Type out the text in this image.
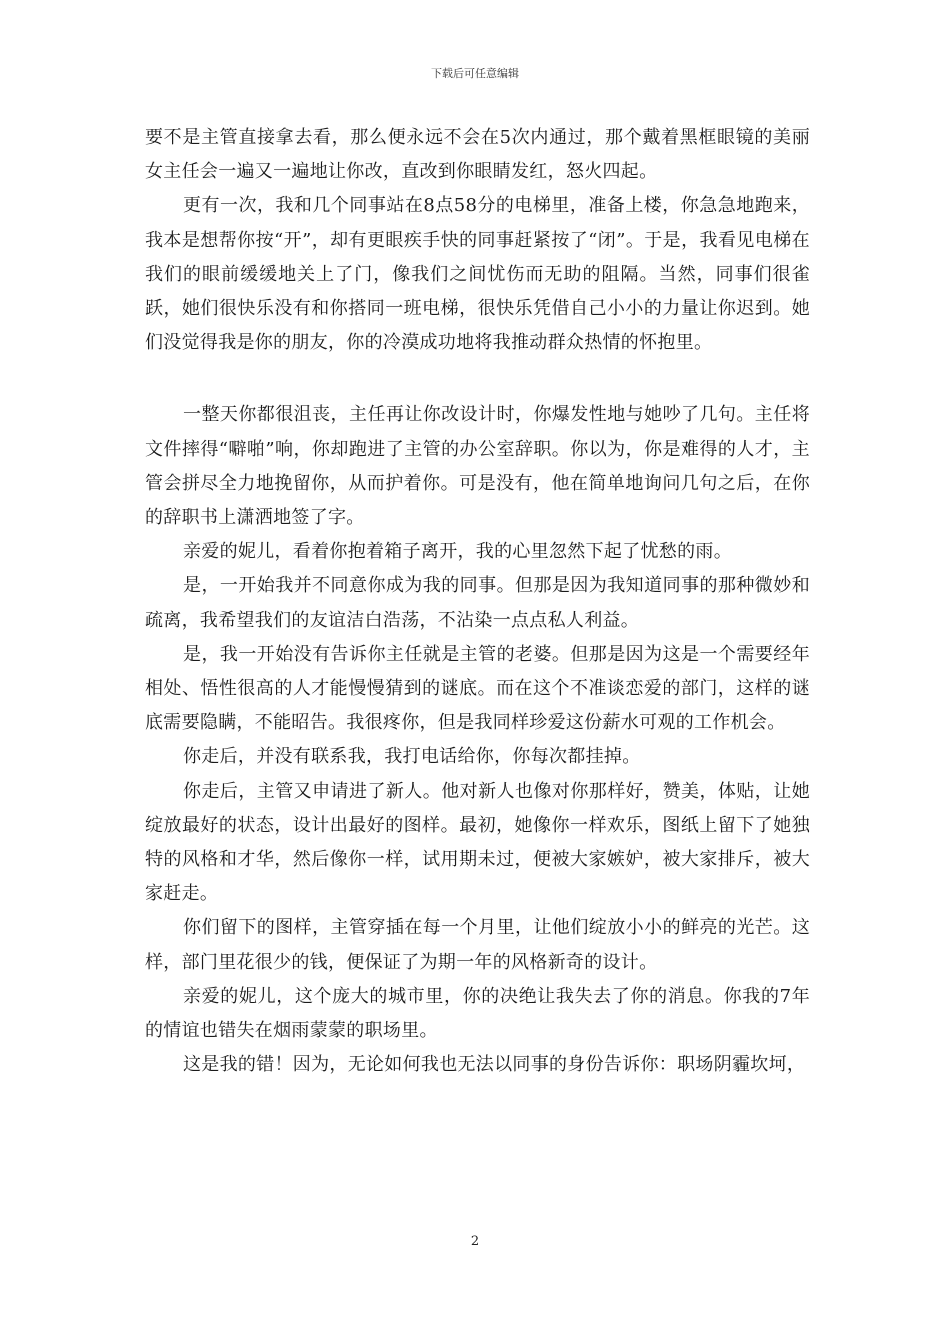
下载后可任意编辑

要不是主管直接拿去看，那么便永远不会在5次内通过，那个戴着黑框眼镜的美丽女主任会一遍又一遍地让你改，直改到你眼睛发红，怒火四起。

更有一次，我和几个同事站在8点58分的电梯里，准备上楼，你急急地跑来，我本是想帮你按“开”，却有更眼疾手快的同事赶紧按了“闭”。于是，我看见电梯在我们的眼前缓缓地关上了门，像我们之间忧伤而无助的阻隔。当然，同事们很雀跃，她们很快乐没有和你搭同一班电梯，很快乐凭借自己小小的力量让你迟到。她们没觉得我是你的朋友，你的冷漠成功地将我推动群众热情的怀抱里。

一整天你都很沮丧，主任再让你改设计时，你爆发性地与她吵了几句。主任将文件摔得“噼啪”响，你却跑进了主管的办公室辞职。你以为，你是难得的人才，主管会拼尽全力地挽留你，从而护着你。可是没有，他在简单地询问几句之后，在你的辞职书上潇洒地签了字。

亲爱的妮儿，看着你抱着箱子离开，我的心里忽然下起了忧愁的雨。

是，一开始我并不同意你成为我的同事。但那是因为我知道同事的那种微妙和疏离，我希望我们的友谊洁白浩荡，不沾染一点点私人利益。

是，我一开始没有告诉你主任就是主管的老婆。但那是因为这是一个需要经年相处、悟性很高的人才能慢慢猜到的谜底。而在这个不准谈恋爱的部门，这样的谜底需要隐瞒，不能昭告。我很疼你，但是我同样珍爱这份薪水可观的工作机会。

你走后，并没有联系我，我打电话给你，你每次都挂掉。

你走后，主管又申请进了新人。他对新人也像对你那样好，赞美，体贴，让她绽放最好的状态，设计出最好的图样。最初，她像你一样欢乐，图纸上留下了她独特的风格和才华，然后像你一样，试用期未过，便被大家嫉妒，被大家排斥，被大家赶走。

你们留下的图样，主管穿插在每一个月里，让他们绽放小小的鲜亮的光芒。这样，部门里花很少的钱，便保证了为期一年的风格新奇的设计。

亲爱的妮儿，这个庞大的城市里，你的决绝让我失去了你的消息。你我的7年的情谊也错失在烟雨蒙蒙的职场里。

这是我的错！因为，无论如何我也无法以同事的身份告诉你：职场阴霾坎坷，

2
